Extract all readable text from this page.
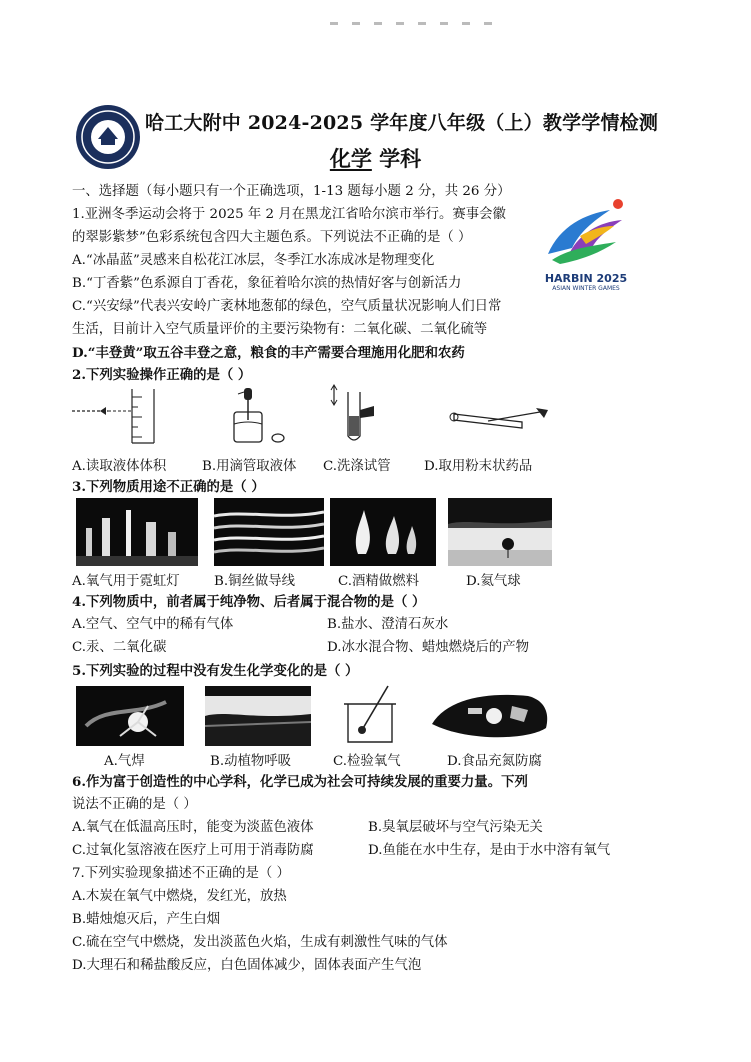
哈工大附中 2024-2025 学年度八年级（上）教学学情检测
化学 学科
一、选择题（每小题只有一个正确选项，1-13 题每小题 2 分，共 26 分）
1.亚洲冬季运动会将于 2025 年 2 月在黑龙江省哈尔滨市举行。赛事会徽
的翠影紫梦”色彩系统包含四大主题色系。下列说法不正确的是（ ）
A.“冰晶蓝”灵感来自松花江冰层，冬季江水冻成冰是物理变化
B.“丁香紫”色系源自丁香花，象征着哈尔滨的热情好客与创新活力
C.“兴安绿”代表兴安岭广袤林地葱郁的绿色，空气质量状况影响人们日常
生活，目前计入空气质量评价的主要污染物有：二氧化碳、二氧化硫等
D.“丰登黄”取五谷丰登之意，粮食的丰产需要合理施用化肥和农药
HARBIN 2025
ASIAN WINTER GAMES
2.下列实验操作正确的是（ ）
A.读取液体体积	B.用滴管取液体 C.洗涤试管 D.取用粉末状药品
3.下列物质用途不正确的是（ ）
A.氧气用于霓虹灯	B.铜丝做导线	C.酒精做燃料	D.氦气球
4.下列物质中，前者属于纯净物、后者属于混合物的是（ ）
A.空气、空气中的稀有气体	B.盐水、澄清石灰水
C.汞、二氧化碳	D.冰水混合物、蜡烛燃烧后的产物
5.下列实验的过程中没有发生化学变化的是（ ）
A.气焊	B.动植物呼吸	C.检验氧气	D.食品充氮防腐
6.作为富于创造性的中心学科，化学已成为社会可持续发展的重要力量。下列
说法不正确的是（ ）
A.氧气在低温高压时，能变为淡蓝色液体	B.臭氧层破坏与空气污染无关
C.过氧化氢溶液在医疗上可用于消毒防腐	D.鱼能在水中生存，是由于水中溶有氧气
7.下列实验现象描述不正确的是（ ）
A.木炭在氧气中燃烧，发红光，放热
B.蜡烛熄灭后，产生白烟
C.硫在空气中燃烧，发出淡蓝色火焰，生成有刺激性气味的气体
D.大理石和稀盐酸反应，白色固体减少，固体表面产生气泡
